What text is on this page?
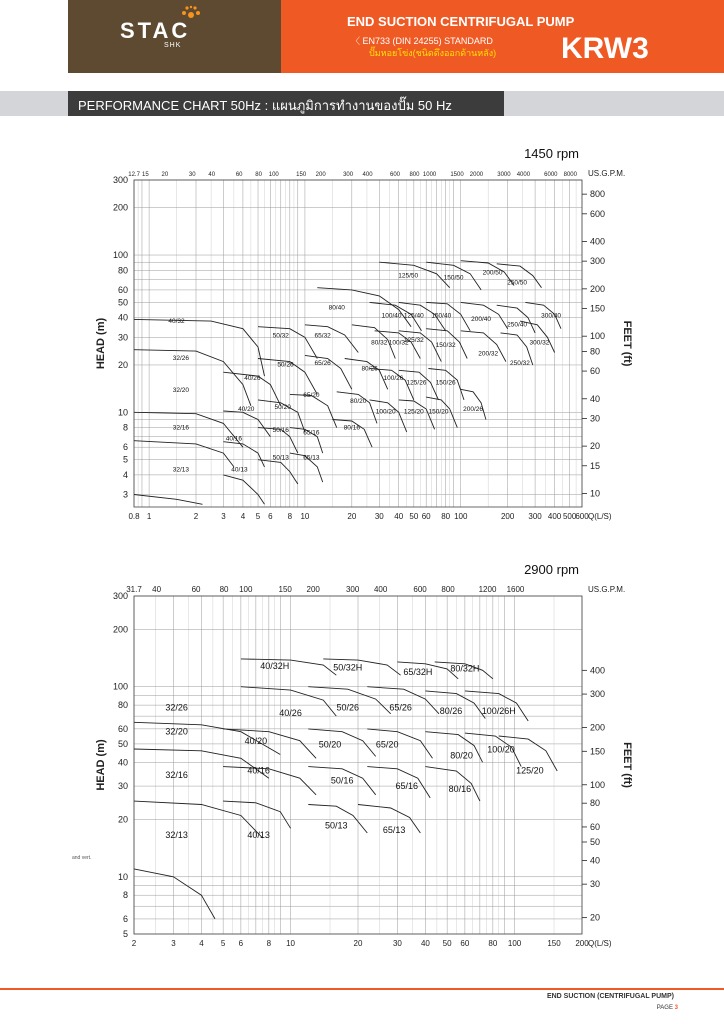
STAC
SHK
END SUCTION CENTRIFUGAL PUMP
〈 EN733 (DIN 24255) STANDARD
ปั๊มหอยโข่ง(ชนิดดึงออกด้านหลัง) KRW3
PERFORMANCE CHART 50Hz : แผนภูมิการทำงานของปั๊ม 50 Hz
1450 rpm
0.8 1	2	3 4 5 6 8 10	20 30 40 50 60 80 100	200 300 400 500
600 Q(L/S)
12.7 15 20	30 40	60 80 100	150 200	300 400	600 800 1000 1500 2000 3000 4000 6000 8000 US.G.P.M.
3
4
5
6
8
10
20
30
40
50
60
80
100
200
300
HEAD (m)
10
15
20
30
40
60
80
100
150
200
300
400
600
800
FEET (ft)
32/13
32/16
32/20
32/26
40/32
40/13
40/16
40/20
40/26
50/13
50/16
50/20
50/26
50/32
65/13
65/16
65/20
65/26
65/32
80/16
80/20
80/26
80/32
80/40
100/20
100/26
100/32
100/40
125/20
125/26
125/32
125/40
125/50
150/20
150/26
150/32
150/40
150/50
200/26
200/32
200/40
200/50
250/32
250/40
250/50
300/32
300/40
2900 rpm
2	3	4 5 6	8 10	20	30 40 50 60 80 100	150 200 Q(L/S)
31.7 40	60 80 100	150 200	300 400	600 800	1200 1600	US.G.P.M.
5
6
8
10
20
30
40
50
60
80
100
200
300
HEAD (m)
20
30
40
50
60
80
100
150
200
300
400
FEET (ft)
32/13
32/16
32/20
32/26
40/13
40/16
40/20
40/26
40/32H
50/13
50/16
50/20
50/26
50/32H
65/13
65/16
65/20
65/26
65/32H
80/16
80/20
80/26
80/32H
100/20
100/26H
125/20
and vert.
END SUCTION (CENTRIFUGAL PUMP)
PAGE 3
